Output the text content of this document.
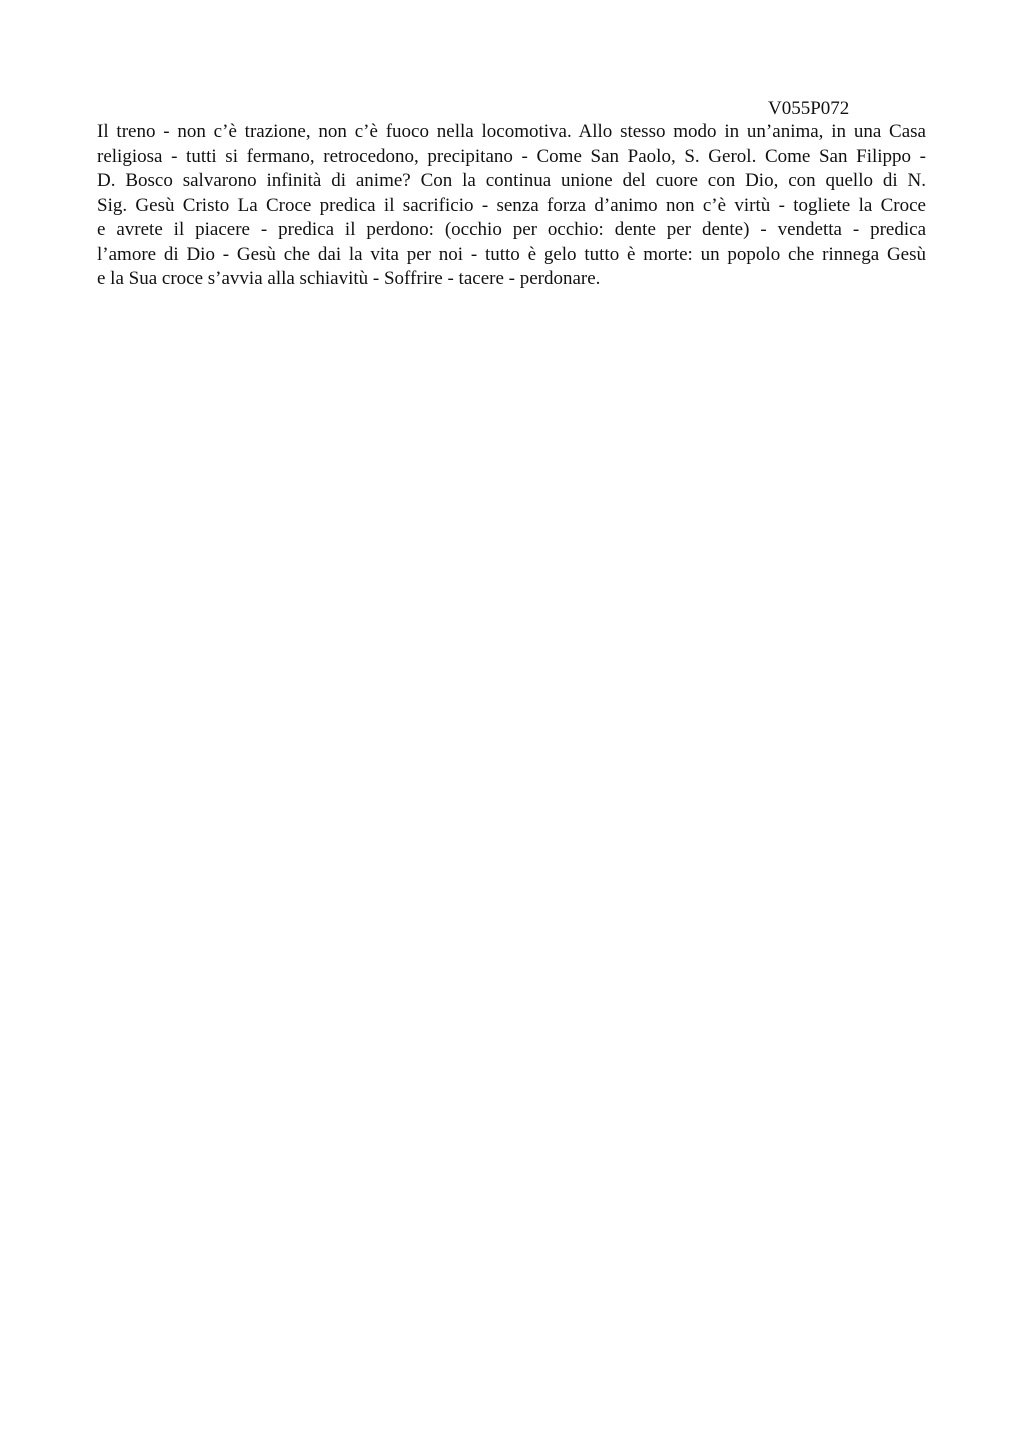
V055P072
Il treno - non c’è trazione, non c’è fuoco nella locomotiva. Allo stesso modo in un’anima, in una Casa
religiosa - tutti si fermano, retrocedono, precipitano - Come San Paolo, S. Gerol. Come San Filippo -
D. Bosco salvarono infinità di anime? Con la continua unione del cuore con Dio, con quello di N.
Sig. Gesù Cristo La Croce predica il sacrificio - senza forza d’animo non c’è virtù - togliete la Croce
e avrete il piacere - predica il perdono: (occhio per occhio: dente per dente) - vendetta - predica
l’amore di Dio - Gesù che dai la vita per noi - tutto è gelo tutto è morte: un popolo che rinnega Gesù
e la Sua croce s’avvia alla schiavitù - Soffrire - tacere - perdonare.
